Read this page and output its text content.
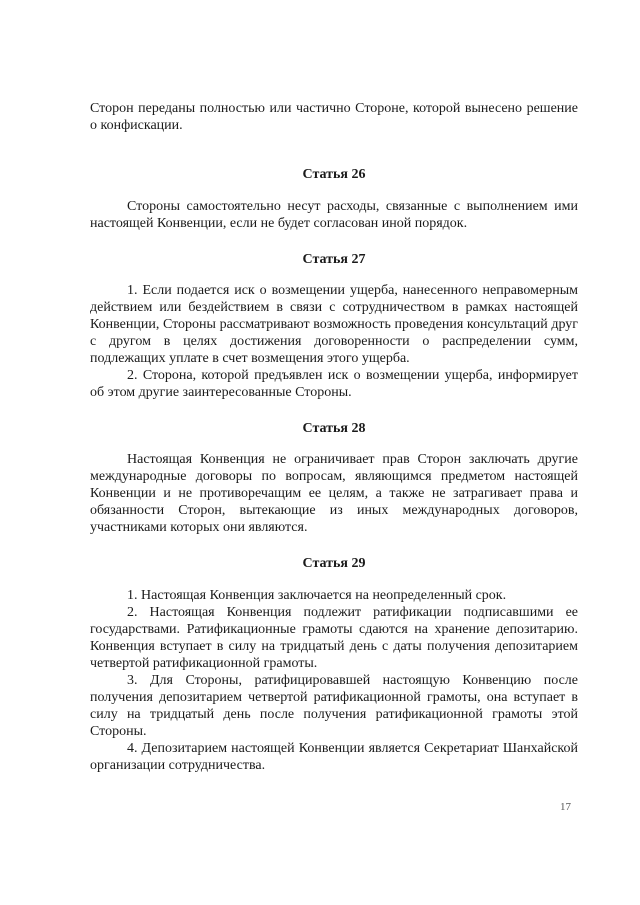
Сторон переданы полностью или частично Стороне, которой вынесено решение о конфискации.

Статья 26

Стороны самостоятельно несут расходы, связанные с выполнением ими настоящей Конвенции, если не будет согласован иной порядок.

Статья 27

1. Если подается иск о возмещении ущерба, нанесенного неправомерным действием или бездействием в связи с сотрудничеством в рамках настоящей Конвенции, Стороны рассматривают возможность проведения консультаций друг с другом в целях достижения договоренности о распределении сумм, подлежащих уплате в счет возмещения этого ущерба.

2. Сторона, которой предъявлен иск о возмещении ущерба, информирует об этом другие заинтересованные Стороны.

Статья 28

Настоящая Конвенция не ограничивает прав Сторон заключать другие международные договоры по вопросам, являющимся предметом настоящей Конвенции и не противоречащим ее целям, а также не затрагивает права и обязанности Сторон, вытекающие из иных международных договоров, участниками которых они являются.

Статья 29

1. Настоящая Конвенция заключается на неопределенный срок.

2. Настоящая Конвенция подлежит ратификации подписавшими ее государствами. Ратификационные грамоты сдаются на хранение депозитарию. Конвенция вступает в силу на тридцатый день с даты получения депозитарием четвертой ратификационной грамоты.

3. Для Стороны, ратифицировавшей настоящую Конвенцию после получения депозитарием четвертой ратификационной грамоты, она вступает в силу на тридцатый день после получения ратификационной грамоты этой Стороны.

4. Депозитарием настоящей Конвенции является Секретариат Шанхайской организации сотрудничества.

17
